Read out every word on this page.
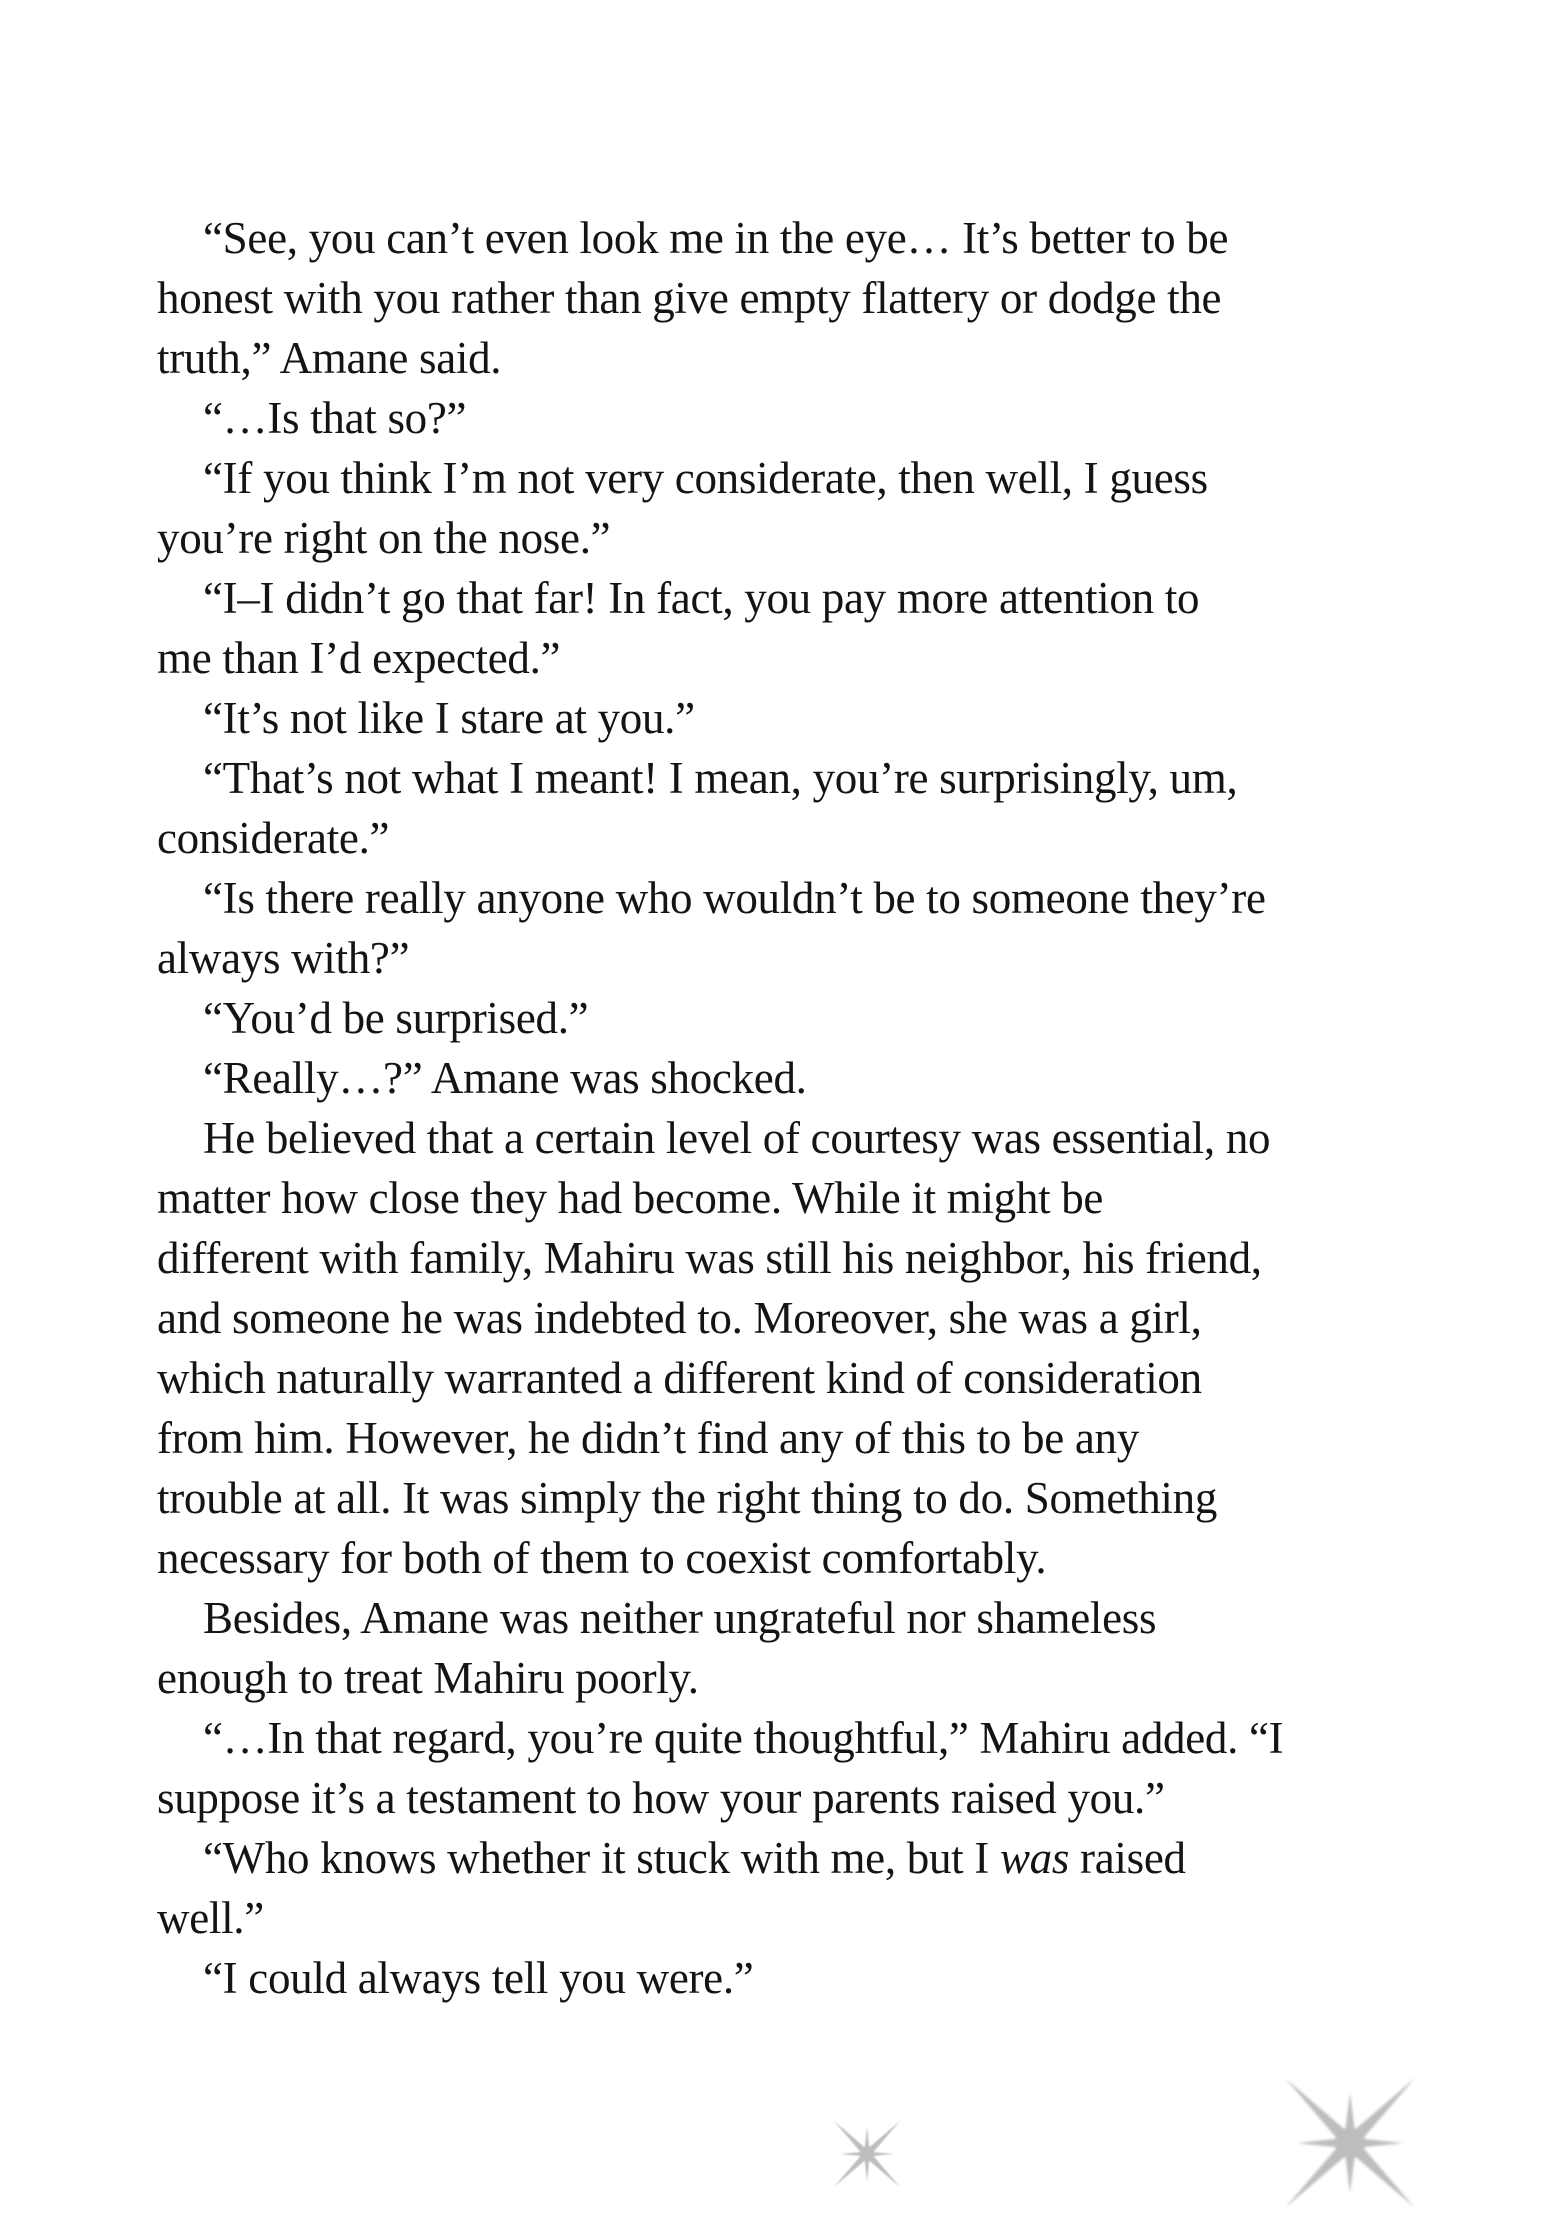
“See, you can’t even look me in the eye… It’s better to be
honest with you rather than give empty flattery or dodge the
truth,” Amane said.
“…Is that so?”
“If you think I’m not very considerate, then well, I guess
you’re right on the nose.”
“I–I didn’t go that far! In fact, you pay more attention to
me than I’d expected.”
“It’s not like I stare at you.”
“That’s not what I meant! I mean, you’re surprisingly, um,
considerate.”
“Is there really anyone who wouldn’t be to someone they’re
always with?”
“You’d be surprised.”
“Really…?” Amane was shocked.
He believed that a certain level of courtesy was essential, no
matter how close they had become. While it might be
different with family, Mahiru was still his neighbor, his friend,
and someone he was indebted to. Moreover, she was a girl,
which naturally warranted a different kind of consideration
from him. However, he didn’t find any of this to be any
trouble at all. It was simply the right thing to do. Something
necessary for both of them to coexist comfortably.
Besides, Amane was neither ungrateful nor shameless
enough to treat Mahiru poorly.
“…In that regard, you’re quite thoughtful,” Mahiru added. “I
suppose it’s a testament to how your parents raised you.”
“Who knows whether it stuck with me, but I was raised
well.”
“I could always tell you were.”
